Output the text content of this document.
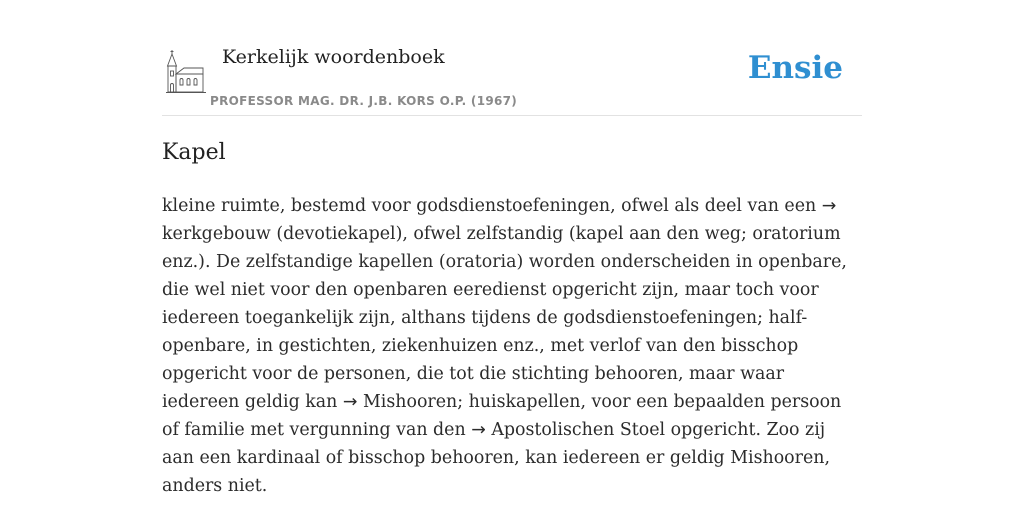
Kerkelijk woordenboek
PROFESSOR MAG. DR. J.B. KORS O.P. (1967)
Ensie
Kapel

kleine ruimte, bestemd voor godsdienstoefeningen, ofwel als deel van een → kerkgebouw (devotiekapel), ofwel zelfstandig (kapel aan den weg; oratorium enz.). De zelfstandige kapellen (oratoria) worden onderscheiden in openbare, die wel niet voor den openbaren eeredienst opgericht zijn, maar toch voor iedereen toegankelijk zijn, althans tijdens de godsdienstoefeningen; half-openbare, in gestichten, ziekenhuizen enz., met verlof van den bisschop opgericht voor de personen, die tot die stichting behooren, maar waar iedereen geldig kan → Mishooren; huiskapellen, voor een bepaalden persoon of familie met vergunning van den → Apostolischen Stoel opgericht. Zoo zij aan een kardinaal of bisschop behooren, kan iedereen er geldig Mishooren, anders niet.
